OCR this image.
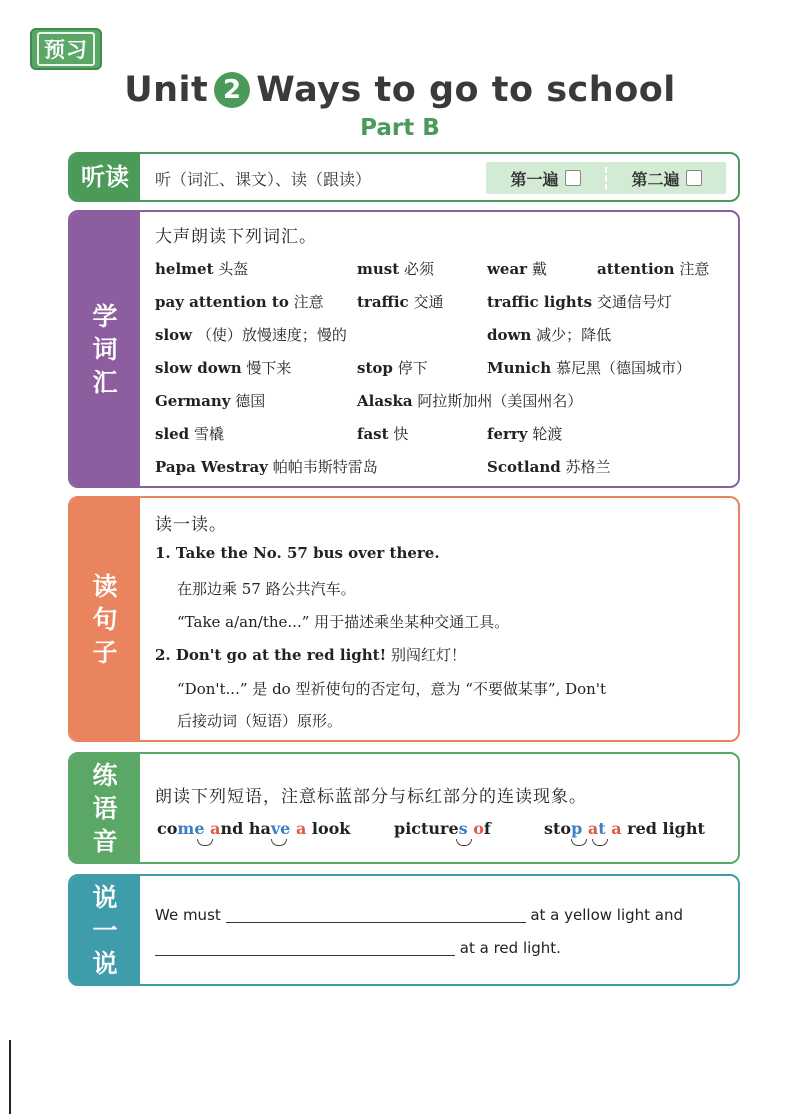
预习
Unit 2 Ways to go to school
Part B
听读	听（词汇、课文）、读（跟读）	第一遍	第二遍
学词汇
大声朗读下列词汇。
helmet 头盔	must 必须	wear 戴	attention 注意
pay attention to 注意 traffic 交通	traffic lights 交通信号灯
slow （使）放慢速度；慢的	down 减少；降低
slow down 慢下来	stop 停下	Munich 慕尼黑（德国城市）
Germany 德国	Alaska 阿拉斯加州（美国州名）
sled 雪橇	fast 快	ferry 轮渡
Papa Westray 帕帕韦斯特雷岛	Scotland 苏格兰
读句子
读一读。
1. Take the No. 57 bus over there.
在那边乘 57 路公共汽车。
“Take a/an/the...” 用于描述乘坐某种交通工具。
2. Don't go at the red light! 别闯红灯！
“Don't...” 是 do 型祈使句的否定句，意为 “不要做某事”, Don't
后接动词（短语）原形。
练语音
朗读下列短语，注意标蓝部分与标红部分的连读现象。
come and have a look	pictures of	stop at a red light
说一说
We must	at a yellow light and
at a red light.
